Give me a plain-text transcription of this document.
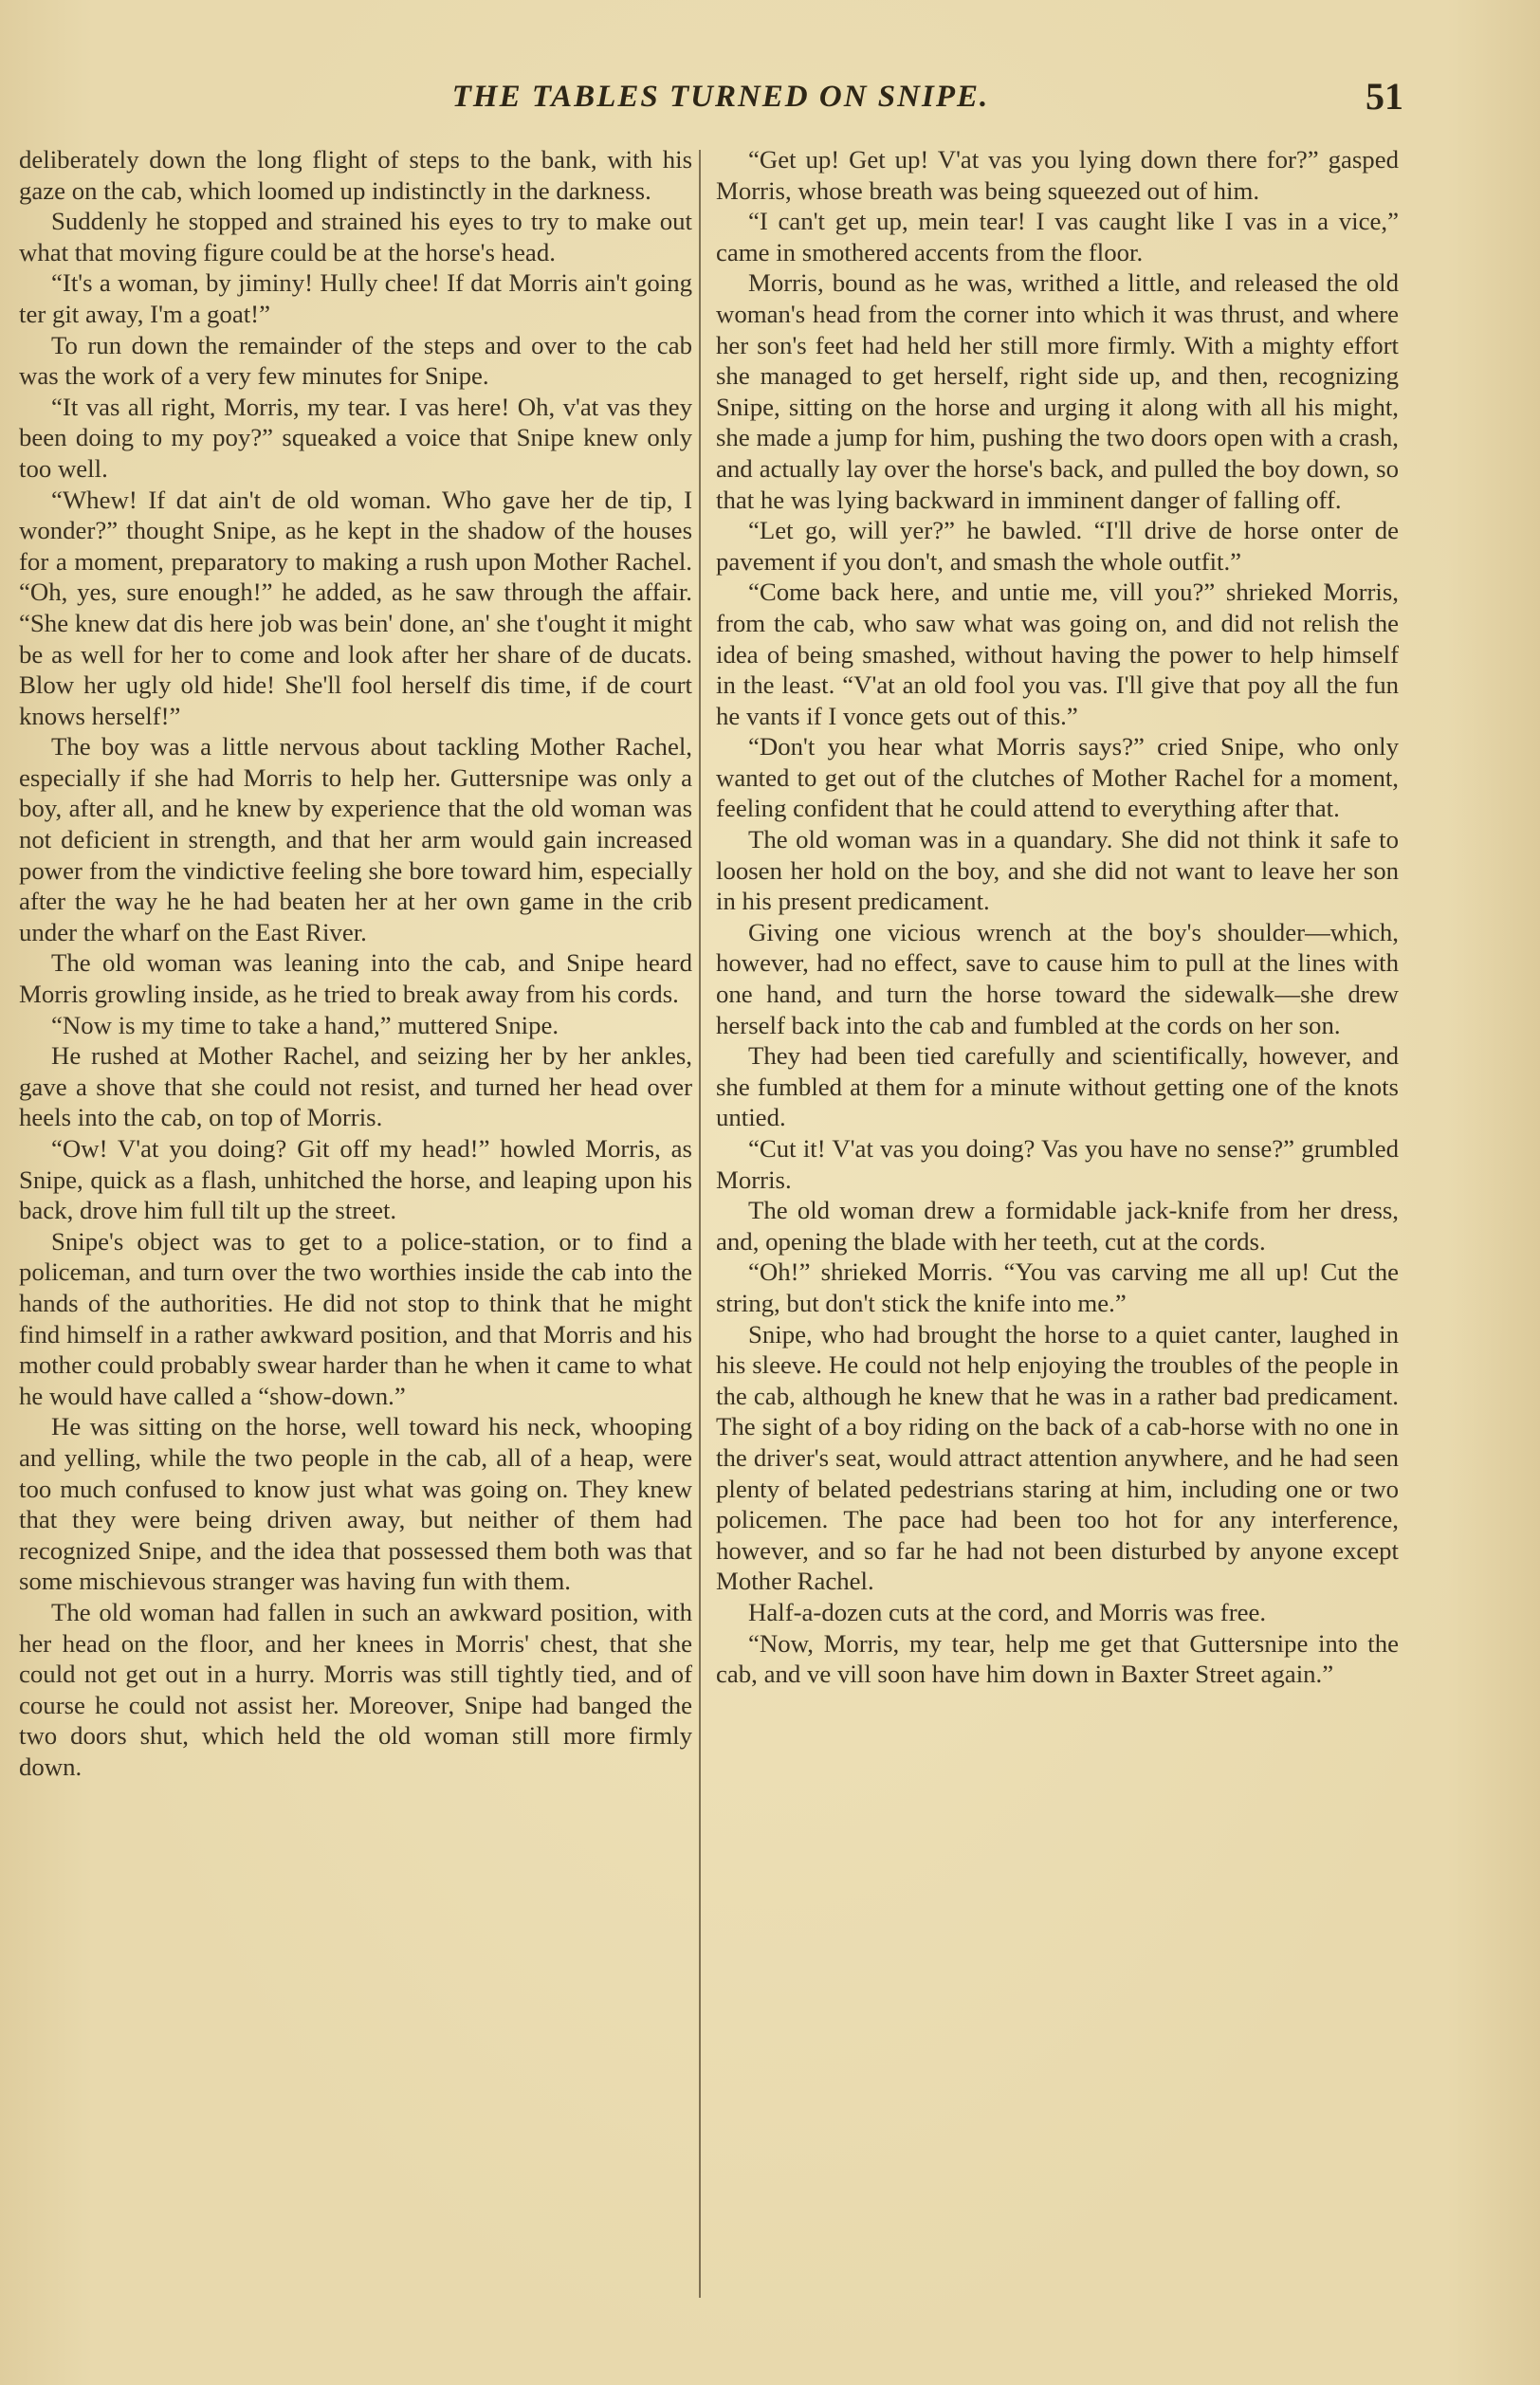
THE TABLES TURNED ON SNIPE.	51

deliberately down the long flight of steps to the bank, with his gaze on the cab, which loomed up indistinctly in the darkness.

Suddenly he stopped and strained his eyes to try to make out what that moving figure could be at the horse's head.

“It's a woman, by jiminy! Hully chee! If dat Morris ain't going ter git away, I'm a goat!”

To run down the remainder of the steps and over to the cab was the work of a very few minutes for Snipe.

“It vas all right, Morris, my tear. I vas here! Oh, v'at vas they been doing to my poy?” squeaked a voice that Snipe knew only too well.

“Whew! If dat ain't de old woman. Who gave her de tip, I wonder?” thought Snipe, as he kept in the shadow of the houses for a moment, preparatory to making a rush upon Mother Rachel. “Oh, yes, sure enough!” he added, as he saw through the affair. “She knew dat dis here job was bein' done, an' she t'ought it might be as well for her to come and look after her share of de ducats. Blow her ugly old hide! She'll fool herself dis time, if de court knows herself!”

The boy was a little nervous about tackling Mother Rachel, especially if she had Morris to help her. Guttersnipe was only a boy, after all, and he knew by experience that the old woman was not deficient in strength, and that her arm would gain increased power from the vindictive feeling she bore toward him, especially after the way he he had beaten her at her own game in the crib under the wharf on the East River.

The old woman was leaning into the cab, and Snipe heard Morris growling inside, as he tried to break away from his cords.

“Now is my time to take a hand,” muttered Snipe.

He rushed at Mother Rachel, and seizing her by her ankles, gave a shove that she could not resist, and turned her head over heels into the cab, on top of Morris.

“Ow! V'at you doing? Git off my head!” howled Morris, as Snipe, quick as a flash, unhitched the horse, and leaping upon his back, drove him full tilt up the street.

Snipe's object was to get to a police-station, or to find a policeman, and turn over the two worthies inside the cab into the hands of the authorities. He did not stop to think that he might find himself in a rather awkward position, and that Morris and his mother could probably swear harder than he when it came to what he would have called a “show-down.”

He was sitting on the horse, well toward his neck, whooping and yelling, while the two people in the cab, all of a heap, were too much confused to know just what was going on. They knew that they were being driven away, but neither of them had recognized Snipe, and the idea that possessed them both was that some mischievous stranger was having fun with them.

The old woman had fallen in such an awkward position, with her head on the floor, and her knees in Morris' chest, that she could not get out in a hurry. Morris was still tightly tied, and of course he could not assist her. Moreover, Snipe had banged the two doors shut, which held the old woman still more firmly down.

“Get up! Get up! V'at vas you lying down there for?” gasped Morris, whose breath was being squeezed out of him.

“I can't get up, mein tear! I vas caught like I vas in a vice,” came in smothered accents from the floor.

Morris, bound as he was, writhed a little, and released the old woman's head from the corner into which it was thrust, and where her son's feet had held her still more firmly. With a mighty effort she managed to get herself, right side up, and then, recognizing Snipe, sitting on the horse and urging it along with all his might, she made a jump for him, pushing the two doors open with a crash, and actually lay over the horse's back, and pulled the boy down, so that he was lying backward in imminent danger of falling off.

“Let go, will yer?” he bawled. “I'll drive de horse onter de pavement if you don't, and smash the whole outfit.”

“Come back here, and untie me, vill you?” shrieked Morris, from the cab, who saw what was going on, and did not relish the idea of being smashed, without having the power to help himself in the least. “V'at an old fool you vas. I'll give that poy all the fun he vants if I vonce gets out of this.”

“Don't you hear what Morris says?” cried Snipe, who only wanted to get out of the clutches of Mother Rachel for a moment, feeling confident that he could attend to everything after that.

The old woman was in a quandary. She did not think it safe to loosen her hold on the boy, and she did not want to leave her son in his present predicament.

Giving one vicious wrench at the boy's shoulder—which, however, had no effect, save to cause him to pull at the lines with one hand, and turn the horse toward the sidewalk—she drew herself back into the cab and fumbled at the cords on her son.

They had been tied carefully and scientifically, however, and she fumbled at them for a minute without getting one of the knots untied.

“Cut it! V'at vas you doing? Vas you have no sense?” grumbled Morris.

The old woman drew a formidable jack-knife from her dress, and, opening the blade with her teeth, cut at the cords.

“Oh!” shrieked Morris. “You vas carving me all up! Cut the string, but don't stick the knife into me.”

Snipe, who had brought the horse to a quiet canter, laughed in his sleeve. He could not help enjoying the troubles of the people in the cab, although he knew that he was in a rather bad predicament. The sight of a boy riding on the back of a cab-horse with no one in the driver's seat, would attract attention anywhere, and he had seen plenty of belated pedestrians staring at him, including one or two policemen. The pace had been too hot for any interference, however, and so far he had not been disturbed by anyone except Mother Rachel.

Half-a-dozen cuts at the cord, and Morris was free.

“Now, Morris, my tear, help me get that Guttersnipe into the cab, and ve vill soon have him down in Baxter Street again.”
